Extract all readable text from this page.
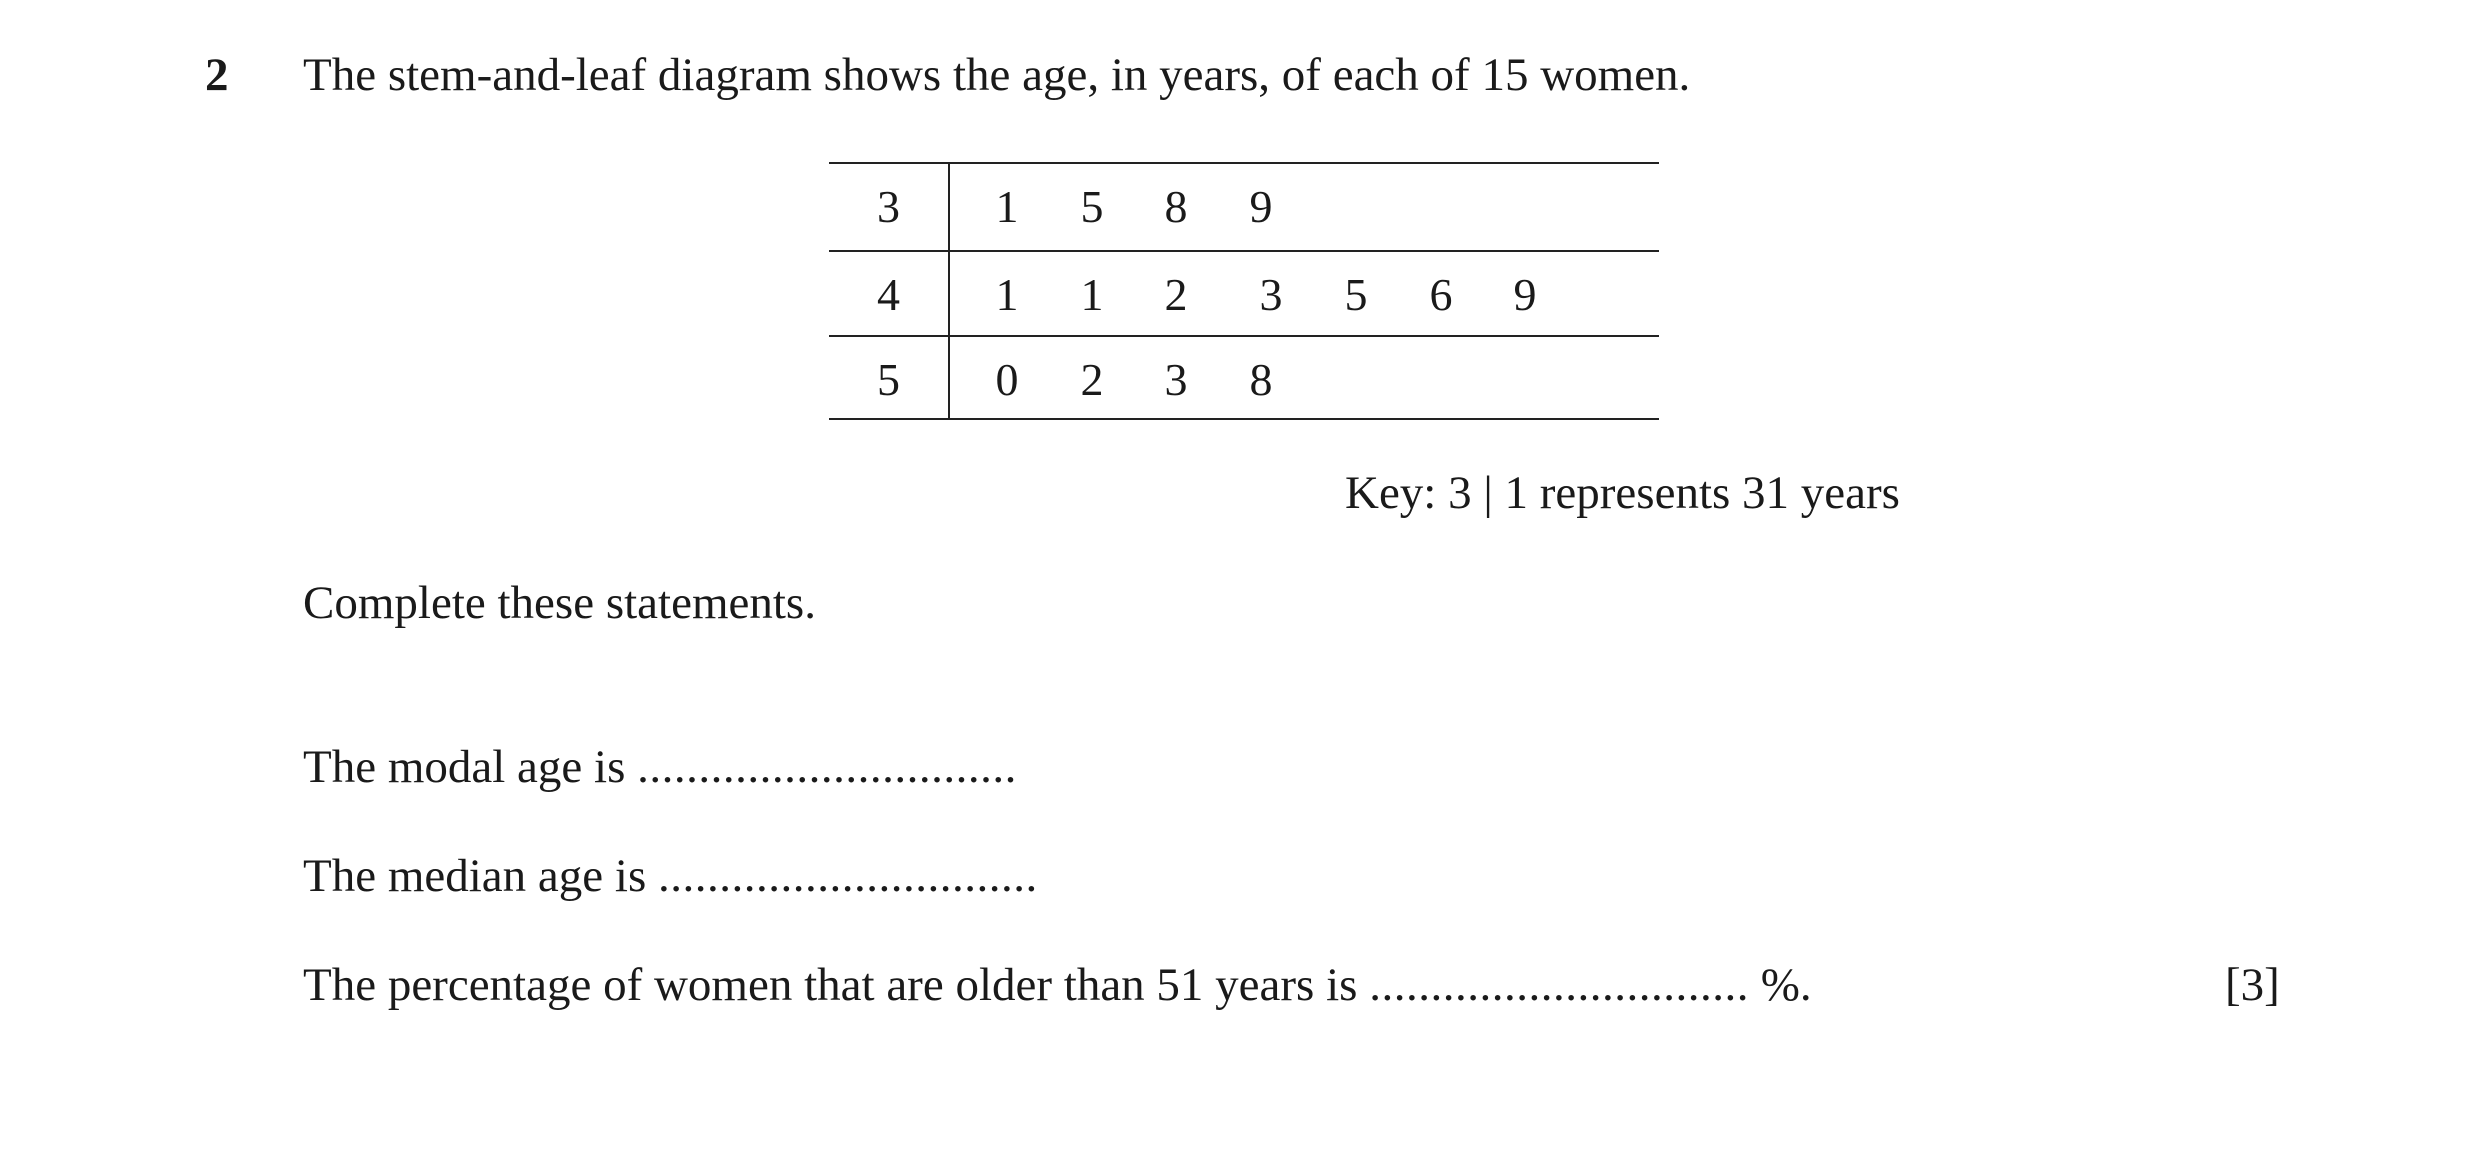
2 The stem-and-leaf diagram shows the age, in years, of each of 15 women.
3	1 5 8 9
4	1 1 2 3 5 6 9
5	0 2 3 8
Key: 3 | 1 represents 31 years
Complete these statements.
The modal age is ...............................
The median age is ...............................
The percentage of women that are older than 51 years is ............................... %.	[3]
